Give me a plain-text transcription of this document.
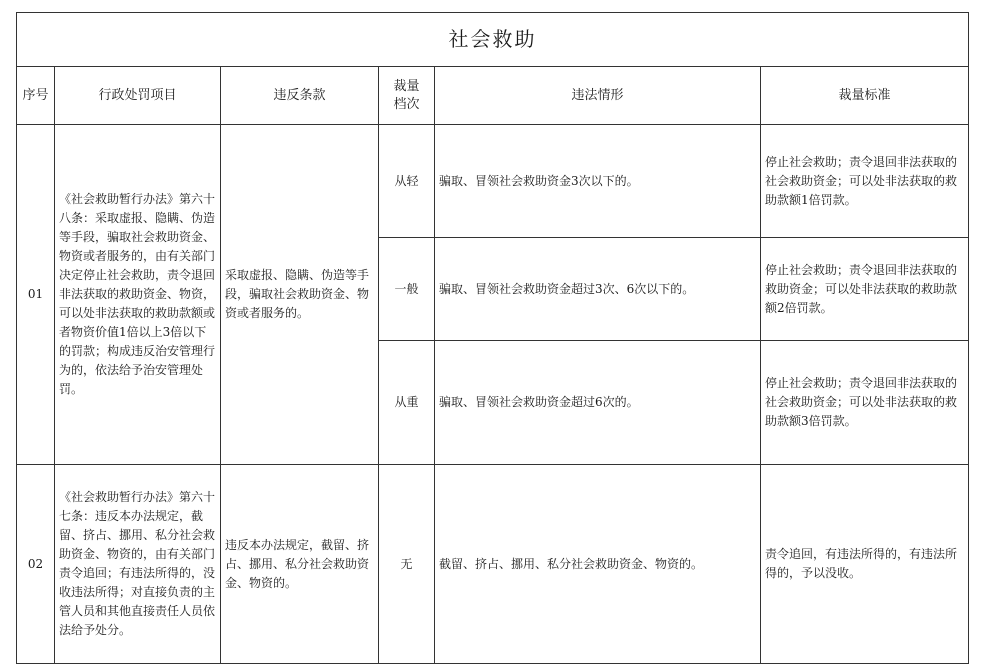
社会救助					
序号	行政处罚项目	违反条款	裁量档次	违法情形	裁量标准
01	《社会救助暂行办法》第六十八条：采取虚报、隐瞒、伪造等手段，骗取社会救助资金、物资或者服务的，由有关部门决定停止社会救助，责令退回非法获取的救助资金、物资，可以处非法获取的救助款额或者物资价值1倍以上3倍以下的罚款；构成违反治安管理行为的，依法给予治安管理处罚。	采取虚报、隐瞒、伪造等手段，骗取社会救助资金、物资或者服务的。	从轻	骗取、冒领社会救助资金3次以下的。	停止社会救助；责令退回非法获取的社会救助资金；可以处非法获取的救助款额1倍罚款。
			一般	骗取、冒领社会救助资金超过3次、6次以下的。	停止社会救助；责令退回非法获取的救助资金；可以处非法获取的救助款额2倍罚款。
			从重	骗取、冒领社会救助资金超过6次的。	停止社会救助；责令退回非法获取的社会救助资金；可以处非法获取的救助款额3倍罚款。
02	《社会救助暂行办法》第六十七条：违反本办法规定，截留、挤占、挪用、私分社会救助资金、物资的，由有关部门责令追回；有违法所得的，没收违法所得；对直接负责的主管人员和其他直接责任人员依法给予处分。	违反本办法规定，截留、挤占、挪用、私分社会救助资金、物资的。	无	截留、挤占、挪用、私分社会救助资金、物资的。	责令追回，有违法所得的，有违法所得的，予以没收。
